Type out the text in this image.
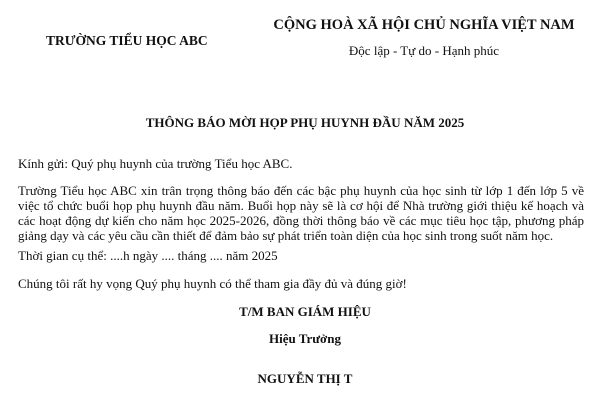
TRƯỜNG TIỂU HỌC ABC
CỘNG HOÀ XÃ HỘI CHỦ NGHĨA VIỆT NAM
Độc lập - Tự do - Hạnh phúc
THÔNG BÁO MỜI HỌP PHỤ HUYNH ĐẦU NĂM 2025

Kính gửi: Quý phụ huynh của trường Tiểu học ABC.

Trường Tiểu học ABC xin trân trọng thông báo đến các bậc phụ huynh của học sinh từ lớp 1 đến lớp 5 về việc tổ chức buổi họp phụ huynh đầu năm. Buổi họp này sẽ là cơ hội để Nhà trường giới thiệu kế hoạch và các hoạt động dự kiến cho năm học 2025-2026, đồng thời thông báo về các mục tiêu học tập, phương pháp giảng dạy và các yêu cầu cần thiết để đảm bảo sự phát triển toàn diện của học sinh trong suốt năm học.

Thời gian cụ thể: ....h ngày .... tháng .... năm 2025

Chúng tôi rất hy vọng Quý phụ huynh có thể tham gia đầy đủ và đúng giờ!

T/M BAN GIÁM HIỆU
Hiệu Trưởng
NGUYỄN THỊ T
